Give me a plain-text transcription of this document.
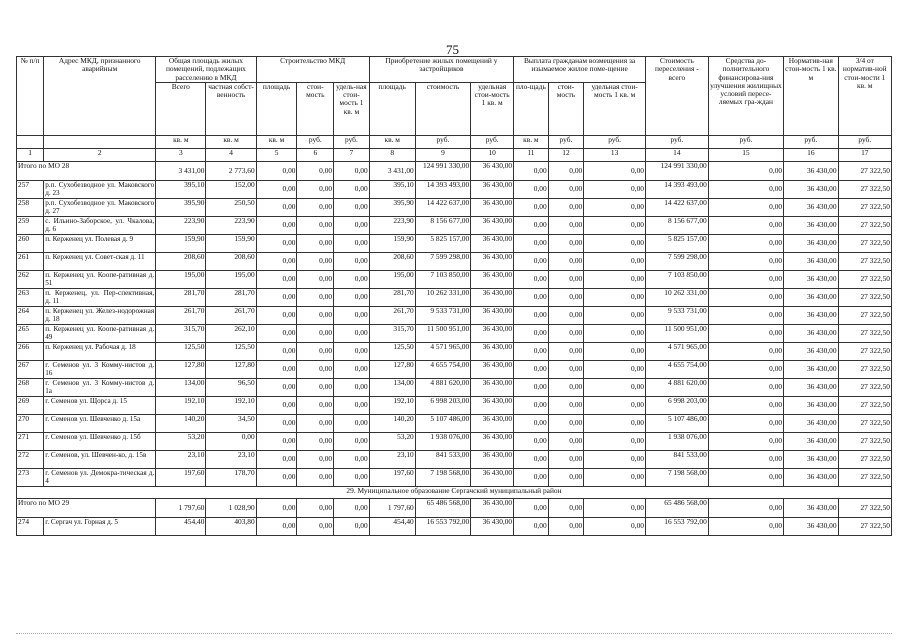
75
№ п/п	Адрес МКД, признанного аварийным	Общая площадь жилых помещений, подлежащих расселению в МКД		Строительство МКД			Приобретение жилых помещений у застройщиков			Выплата гражданам возмещения за изымаемое жилое поме-щение			Стоимость переселения - всего	Средства до-полнительного финансирова-ния улучшения жилищных условий пересе-ляемых гра-ждан	Норматив-ная стои-мость 1 кв. м	3/4 от норматив-ной стои-мости 1 кв. м
		Всего	частная собст-венность	площадь	стои-мость	удель-ная стои-мость 1 кв. м	площадь	стоимость	удельная стои-мость 1 кв. м	пло-щадь	стои-мость	удельная стои-мость 1 кв. м				
		кв. м	кв. м	кв. м	руб.	руб.	кв. м	руб.	руб.	кв. м	руб.	руб.	руб.	руб.	руб.	руб.
1	2	3	4	5	6	7	8	9	10	11	12	13	14	15	16	17
Итого по МО 28		3 431,00	2 773,60	0,00	0,00	0,00	3 431,00	124 991 330,00	36 430,00	0,00	0,00	0,00	124 991 330,00	0,00	36 430,00	27 322,50
257	р.п. Сухобезводное ул. Маковского д. 23	395,10	152,00	0,00	0,00	0,00	395,10	14 393 493,00	36 430,00	0,00	0,00	0,00	14 393 493,00	0,00	36 430,00	27 322,50
258	р.п. Сухобезводное ул. Маковского д. 27	395,90	250,50	0,00	0,00	0,00	395,90	14 422 637,00	36 430,00	0,00	0,00	0,00	14 422 637,00	0,00	36 430,00	27 322,50
259	с. Ильино-Заборское, ул. Чкалова, д. 6	223,90	223,90	0,00	0,00	0,00	223,90	8 156 677,00	36 430,00	0,00	0,00	0,00	8 156 677,00	0,00	36 430,00	27 322,50
260	п. Керженец ул. Полевая д. 9	159,90	159,90	0,00	0,00	0,00	159,90	5 825 157,00	36 430,00	0,00	0,00	0,00	5 825 157,00	0,00	36 430,00	27 322,50
261	п. Керженец ул. Совет-ская д. 11	208,60	208,60	0,00	0,00	0,00	208,60	7 599 298,00	36 430,00	0,00	0,00	0,00	7 599 298,00	0,00	36 430,00	27 322,50
262	п. Керженец ул. Коопе-ративная д. 51	195,00	195,00	0,00	0,00	0,00	195,00	7 103 850,00	36 430,00	0,00	0,00	0,00	7 103 850,00	0,00	36 430,00	27 322,50
263	п. Керженец, ул. Пер-спективная, д. 11	281,70	281,70	0,00	0,00	0,00	281,70	10 262 331,00	36 430,00	0,00	0,00	0,00	10 262 331,00	0,00	36 430,00	27 322,50
264	п. Керженец ул. Желез-нодорожная д. 18	261,70	261,70	0,00	0,00	0,00	261,70	9 533 731,00	36 430,00	0,00	0,00	0,00	9 533 731,00	0,00	36 430,00	27 322,50
265	п. Керженец ул. Коопе-ративная д. 49	315,70	262,10	0,00	0,00	0,00	315,70	11 500 951,00	36 430,00	0,00	0,00	0,00	11 500 951,00	0,00	36 430,00	27 322,50
266	п. Керженец ул. Рабочая д. 18	125,50	125,50	0,00	0,00	0,00	125,50	4 571 965,00	36 430,00	0,00	0,00	0,00	4 571 965,00	0,00	36 430,00	27 322,50
267	г. Семенов ул. 3 Комму-нистов д. 16	127,80	127,80	0,00	0,00	0,00	127,80	4 655 754,00	36 430,00	0,00	0,00	0,00	4 655 754,00	0,00	36 430,00	27 322,50
268	г. Семенов ул. 3 Комму-нистов д. 1а	134,00	96,50	0,00	0,00	0,00	134,00	4 881 620,00	36 430,00	0,00	0,00	0,00	4 881 620,00	0,00	36 430,00	27 322,50
269	г. Семенов ул. Щорса д. 15	192,10	192,10	0,00	0,00	0,00	192,10	6 998 203,00	36 430,00	0,00	0,00	0,00	6 998 203,00	0,00	36 430,00	27 322,50
270	г. Семенов ул. Шевченко д. 15а	140,20	34,50	0,00	0,00	0,00	140,20	5 107 486,00	36 430,00	0,00	0,00	0,00	5 107 486,00	0,00	36 430,00	27 322,50
271	г. Семенов ул. Шевченко д. 15б	53,20	0,00	0,00	0,00	0,00	53,20	1 938 076,00	36 430,00	0,00	0,00	0,00	1 938 076,00	0,00	36 430,00	27 322,50
272	г. Семенов, ул. Шевчен-ко, д. 15в	23,10	23,10	0,00	0,00	0,00	23,10	841 533,00	36 430,00	0,00	0,00	0,00	841 533,00	0,00	36 430,00	27 322,50
273	г. Семенов ул. Демокра-тическая д. 4	197,60	178,70	0,00	0,00	0,00	197,60	7 198 568,00	36 430,00	0,00	0,00	0,00	7 198 568,00	0,00	36 430,00	27 322,50
29. Муниципальное образование Сергачский муниципальный район																
Итого по МО 29		1 797,60	1 028,90	0,00	0,00	0,00	1 797,60	65 486 568,00	36 430,00	0,00	0,00	0,00	65 486 568,00	0,00	36 430,00	27 322,50
274	г. Сергач ул. Горная д. 5	454,40	403,80	0,00	0,00	0,00	454,40	16 553 792,00	36 430,00	0,00	0,00	0,00	16 553 792,00	0,00	36 430,00	27 322,50
